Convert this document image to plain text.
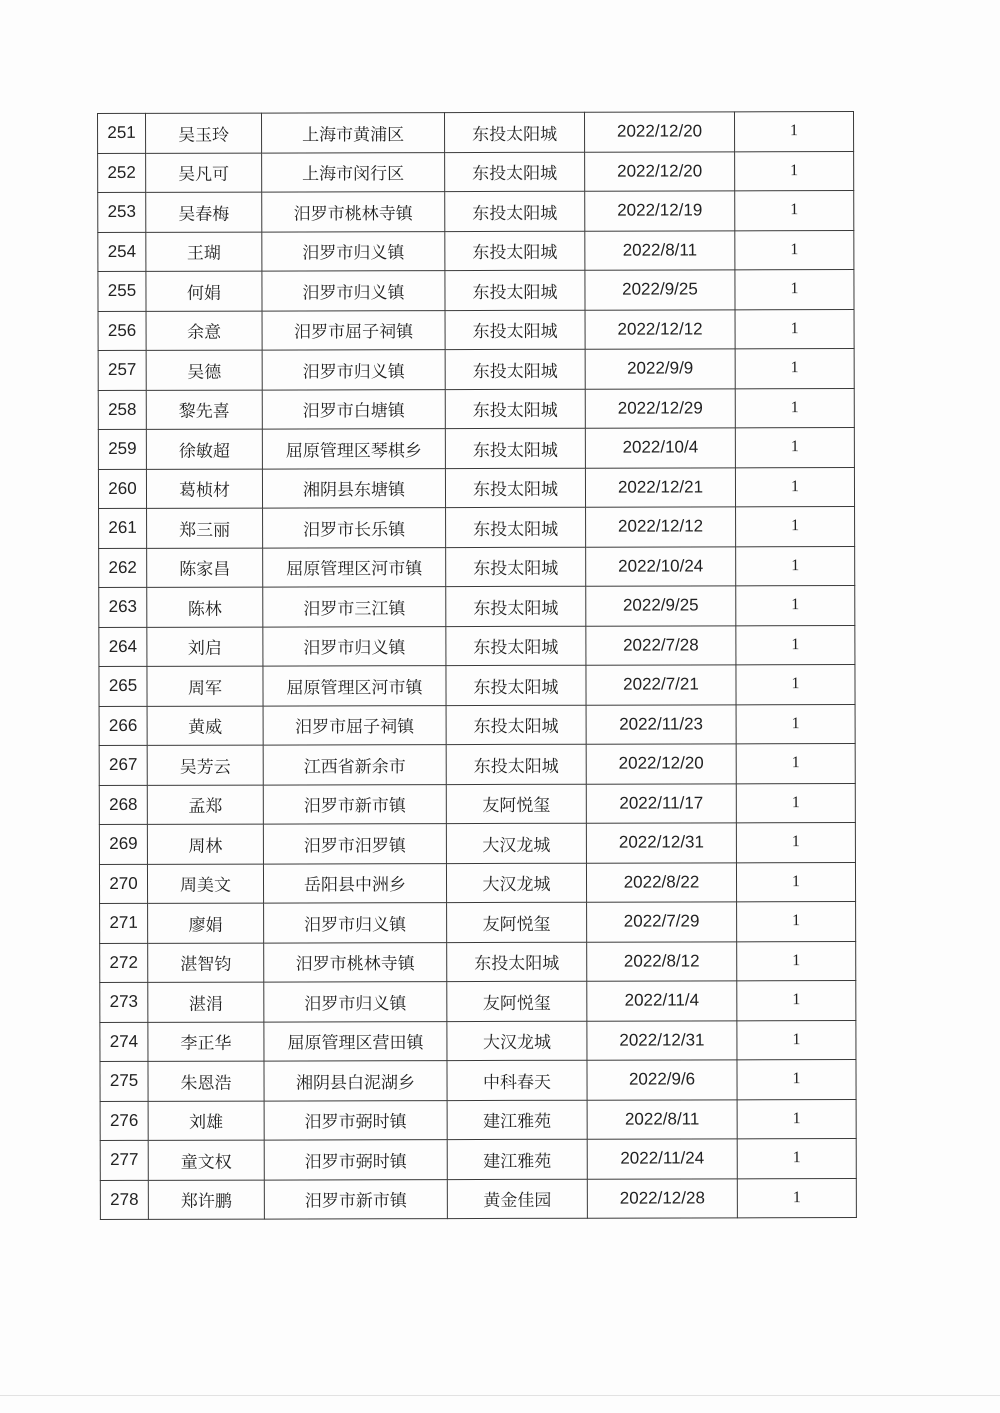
251	吴玉玲	上海市黄浦区	东投太阳城	2022/12/20	1
252	吴凡可	上海市闵行区	东投太阳城	2022/12/20	1
253	吴春梅	汨罗市桃林寺镇	东投太阳城	2022/12/19	1
254	王瑚	汨罗市归义镇	东投太阳城	2022/8/11	1
255	何娟	汨罗市归义镇	东投太阳城	2022/9/25	1
256	余意	汨罗市屈子祠镇	东投太阳城	2022/12/12	1
257	吴德	汨罗市归义镇	东投太阳城	2022/9/9	1
258	黎先喜	汨罗市白塘镇	东投太阳城	2022/12/29	1
259	徐敏超	屈原管理区琴棋乡	东投太阳城	2022/10/4	1
260	葛桢材	湘阴县东塘镇	东投太阳城	2022/12/21	1
261	郑三丽	汨罗市长乐镇	东投太阳城	2022/12/12	1
262	陈家昌	屈原管理区河市镇	东投太阳城	2022/10/24	1
263	陈林	汨罗市三江镇	东投太阳城	2022/9/25	1
264	刘启	汨罗市归义镇	东投太阳城	2022/7/28	1
265	周军	屈原管理区河市镇	东投太阳城	2022/7/21	1
266	黄威	汨罗市屈子祠镇	东投太阳城	2022/11/23	1
267	吴芳云	江西省新余市	东投太阳城	2022/12/20	1
268	孟郑	汨罗市新市镇	友阿悦玺	2022/11/17	1
269	周林	汨罗市汨罗镇	大汉龙城	2022/12/31	1
270	周美文	岳阳县中洲乡	大汉龙城	2022/8/22	1
271	廖娟	汨罗市归义镇	友阿悦玺	2022/7/29	1
272	湛智钧	汨罗市桃林寺镇	东投太阳城	2022/8/12	1
273	湛涓	汨罗市归义镇	友阿悦玺	2022/11/4	1
274	李正华	屈原管理区营田镇	大汉龙城	2022/12/31	1
275	朱恩浩	湘阴县白泥湖乡	中科春天	2022/9/6	1
276	刘雄	汨罗市弼时镇	建江雅苑	2022/8/11	1
277	童文权	汨罗市弼时镇	建江雅苑	2022/11/24	1
278	郑许鹏	汨罗市新市镇	黄金佳园	2022/12/28	1
